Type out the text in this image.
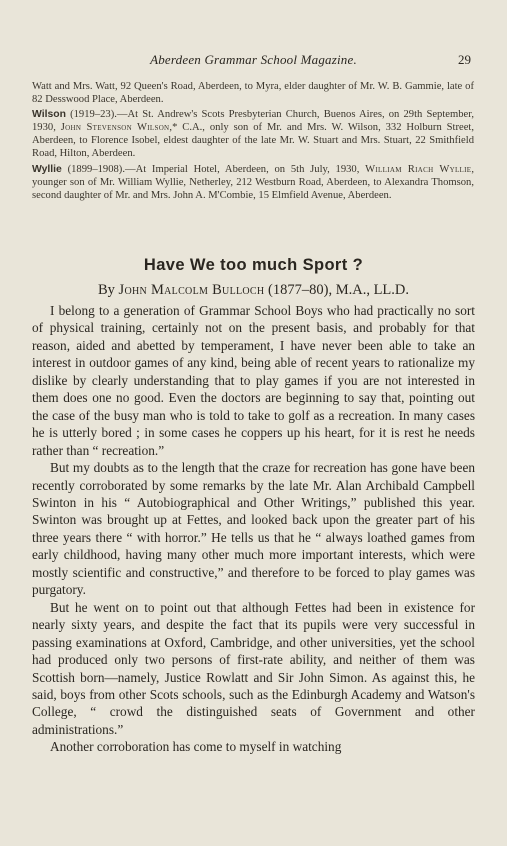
Aberdeen Grammar School Magazine.	29

Watt and Mrs. Watt, 92 Queen's Road, Aberdeen, to Myra, elder daughter of Mr. W. B. Gammie, late of 82 Desswood Place, Aberdeen.

Wilson (1919–23).—At St. Andrew's Scots Presbyterian Church, Buenos Aires, on 29th September, 1930, John Stevenson Wilson,* C.A., only son of Mr. and Mrs. W. Wilson, 332 Holburn Street, Aberdeen, to Florence Isobel, eldest daughter of the late Mr. W. Stuart and Mrs. Stuart, 22 Smithfield Road, Hilton, Aberdeen.

Wyllie (1899–1908).—At Imperial Hotel, Aberdeen, on 5th July, 1930, William Riach Wyllie, younger son of Mr. William Wyllie, Netherley, 212 Westburn Road, Aberdeen, to Alexandra Thomson, second daughter of Mr. and Mrs. John A. M'Combie, 15 Elmfield Avenue, Aberdeen.

Have We too much Sport ?
By John Malcolm Bulloch (1877–80), M.A., LL.D.

I belong to a generation of Grammar School Boys who had practically no sort of physical training, certainly not on the present basis, and probably for that reason, aided and abetted by temperament, I have never been able to take an interest in outdoor games of any kind, being able of recent years to rationalize my dislike by clearly understanding that to play games if you are not interested in them does one no good. Even the doctors are beginning to say that, pointing out the case of the busy man who is told to take to golf as a recreation. In many cases he is utterly bored ; in some cases he coppers up his heart, for it is rest he needs rather than “ recreation.”

But my doubts as to the length that the craze for recreation has gone have been recently corroborated by some remarks by the late Mr. Alan Archibald Campbell Swinton in his “ Autobiographical and Other Writings,” published this year. Swinton was brought up at Fettes, and looked back upon the greater part of his three years there “ with horror.” He tells us that he “ always loathed games from early childhood, having many other much more important interests, which were mostly scientific and constructive,” and therefore to be forced to play games was purgatory.

But he went on to point out that although Fettes had been in existence for nearly sixty years, and despite the fact that its pupils were very successful in passing examinations at Oxford, Cambridge, and other universities, yet the school had produced only two persons of first-rate ability, and neither of them was Scottish born—namely, Justice Rowlatt and Sir John Simon. As against this, he said, boys from other Scots schools, such as the Edinburgh Academy and Watson's College, “ crowd the distinguished seats of Government and other administrations.”

Another corroboration has come to myself in watching
